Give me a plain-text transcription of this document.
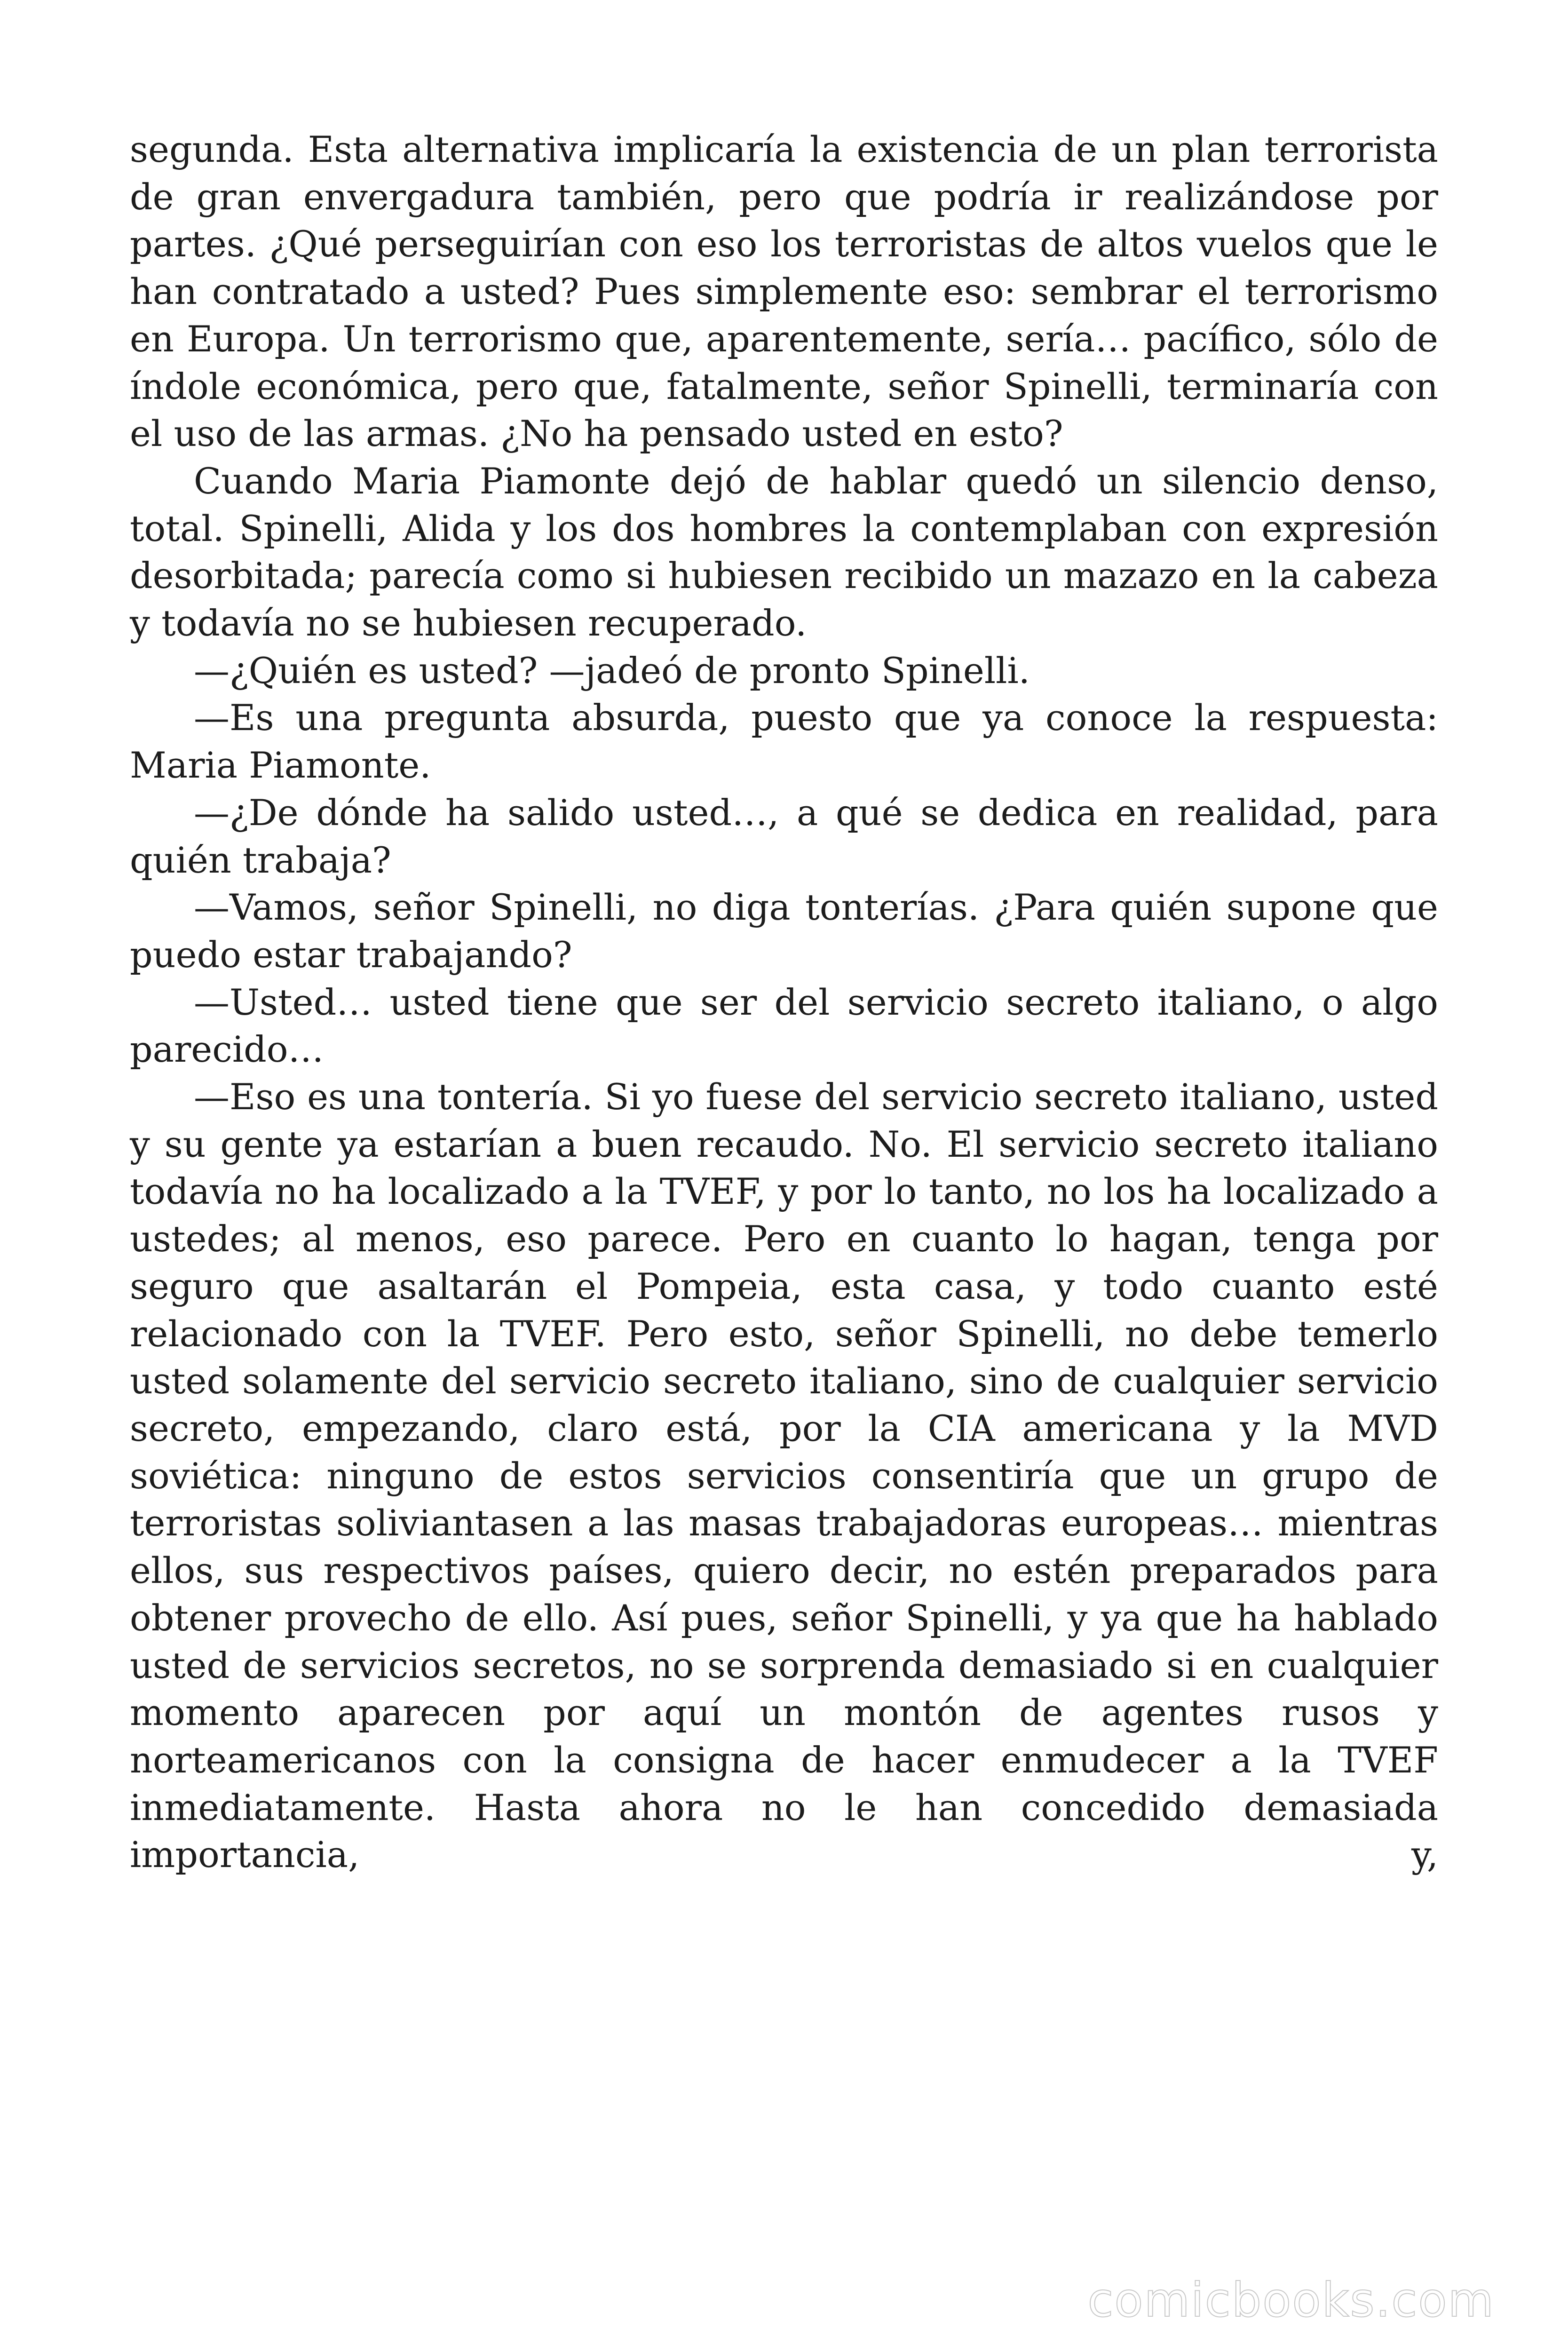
segunda. Esta alternativa implicaría la existencia de un plan terrorista de gran envergadura también, pero que podría ir realizándose por partes. ¿Qué perseguirían con eso los terroristas de altos vuelos que le han contratado a usted? Pues simplemente eso: sembrar el terrorismo en Europa. Un terrorismo que, aparentemente, sería… pacífico, sólo de índole económica, pero que, fatalmente, señor Spinelli, terminaría con el uso de las armas. ¿No ha pensado usted en esto?

Cuando Maria Piamonte dejó de hablar quedó un silencio denso, total. Spinelli, Alida y los dos hombres la contemplaban con expresión desorbitada; parecía como si hubiesen recibido un mazazo en la cabeza y todavía no se hubiesen recuperado.

—¿Quién es usted? —jadeó de pronto Spinelli.

—Es una pregunta absurda, puesto que ya conoce la respuesta: Maria Piamonte.

—¿De dónde ha salido usted…, a qué se dedica en realidad, para quién trabaja?

—Vamos, señor Spinelli, no diga tonterías. ¿Para quién supone que puedo estar trabajando?

—Usted… usted tiene que ser del servicio secreto italiano, o algo parecido…

—Eso es una tontería. Si yo fuese del servicio secreto italiano, usted y su gente ya estarían a buen recaudo. No. El servicio secreto italiano todavía no ha localizado a la TVEF, y por lo tanto, no los ha localizado a ustedes; al menos, eso parece. Pero en cuanto lo hagan, tenga por seguro que asaltarán el Pompeia, esta casa, y todo cuanto esté relacionado con la TVEF. Pero esto, señor Spinelli, no debe temerlo usted solamente del servicio secreto italiano, sino de cualquier servicio secreto, empezando, claro está, por la CIA americana y la MVD soviética: ninguno de estos servicios consentiría que un grupo de terroristas soliviantasen a las masas trabajadoras europeas… mientras ellos, sus respectivos países, quiero decir, no estén preparados para obtener provecho de ello. Así pues, señor Spinelli, y ya que ha hablado usted de servicios secretos, no se sorprenda demasiado si en cualquier momento aparecen por aquí un montón de agentes rusos y norteamericanos con la consigna de hacer enmudecer a la TVEF inmediatamente. Hasta ahora no le han concedido demasiada importancia, y,

comicbooks.com
